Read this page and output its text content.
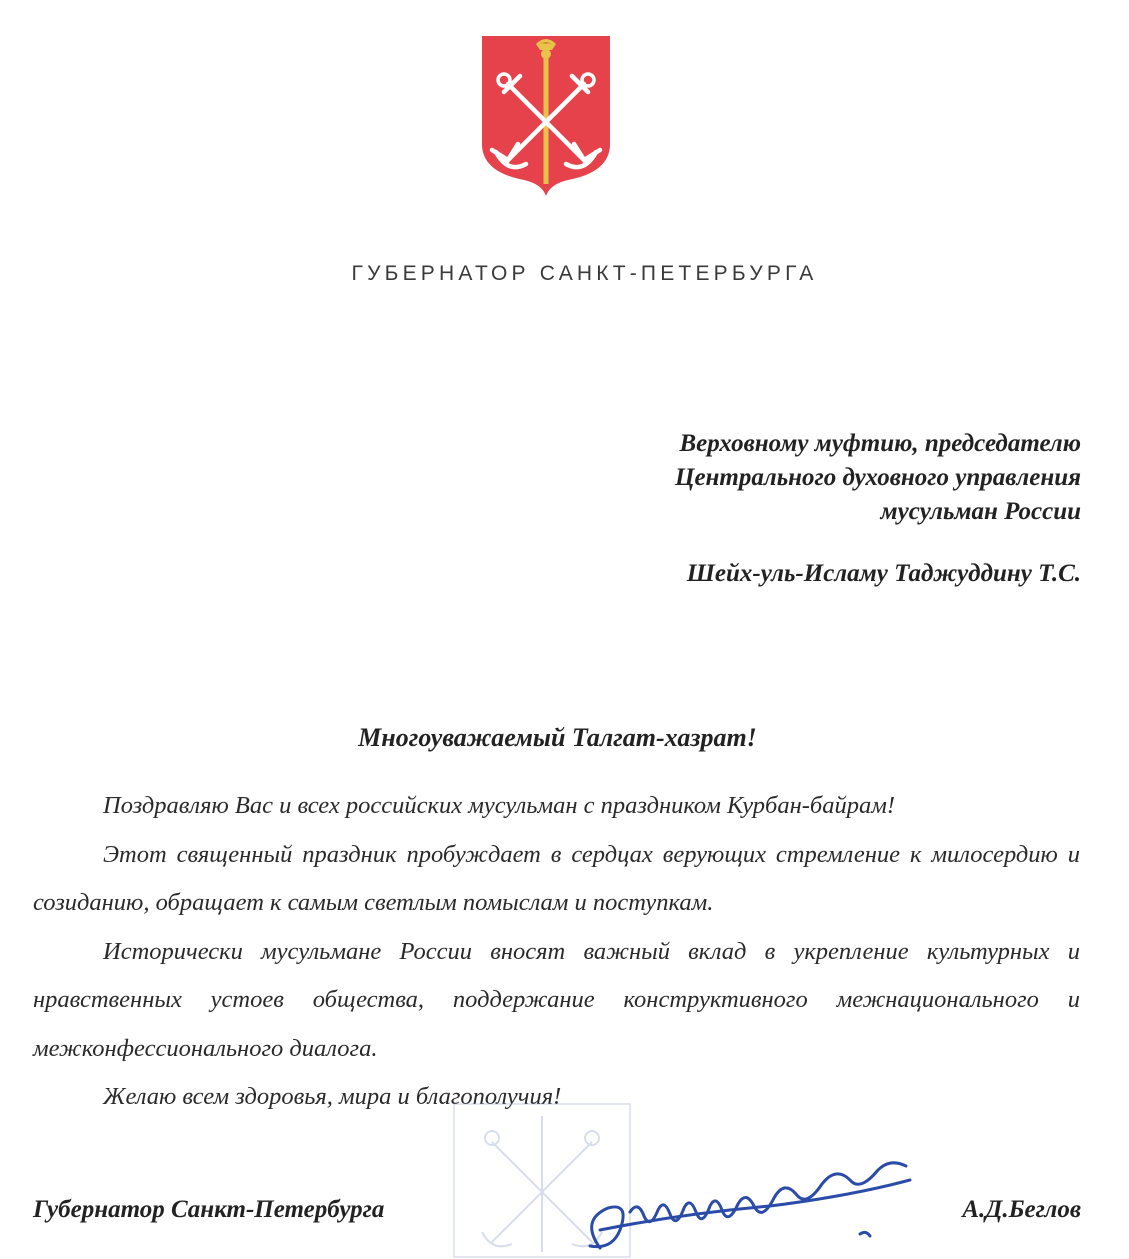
ГУБЕРНАТОР САНКТ-ПЕТЕРБУРГА
Верховному муфтию, председателю
Центрального духовного управления
мусульман России
Шейх-уль-Исламу Таджуддину Т.С.
Многоуважаемый Талгат-хазрат!

Поздравляю Вас и всех российских мусульман с праздником Курбан-байрам!

Этот священный праздник пробуждает в сердцах верующих стремление к милосердию и созиданию, обращает к самым светлым помыслам и поступкам.

Исторически мусульмане России вносят важный вклад в укрепление культурных и нравственных устоев общества, поддержание конструктивного межнационального и межконфессионального диалога.

Желаю всем здоровья, мира и благополучия!

Губернатор Санкт-Петербурга	А.Д.Беглов
